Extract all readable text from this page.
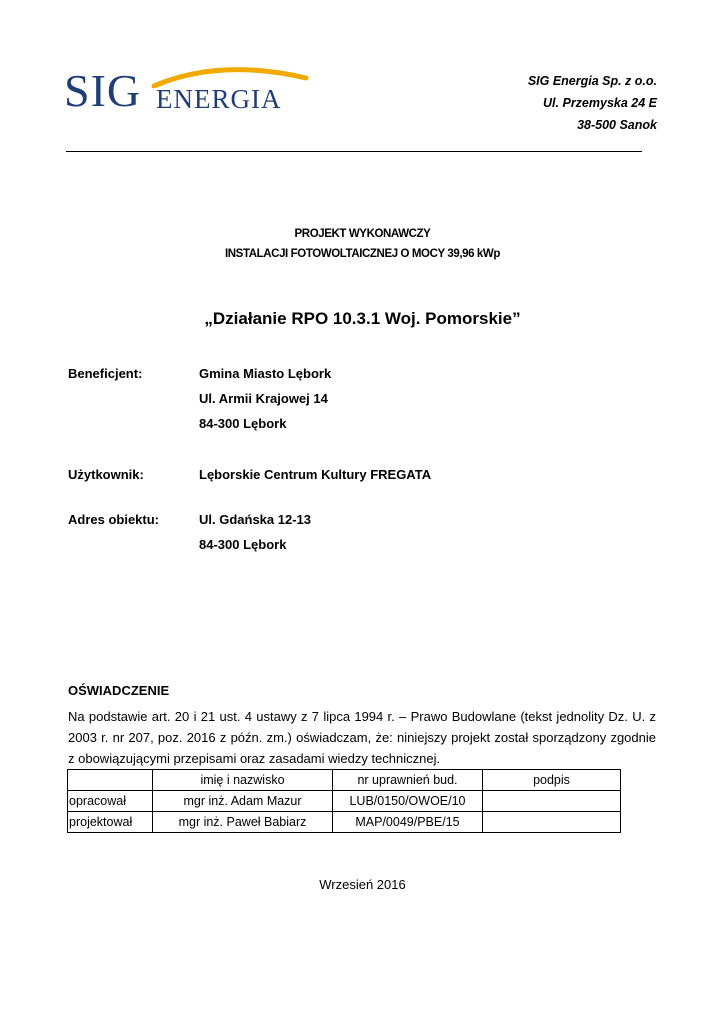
SIG ENERGIA
SIG Energia Sp. z o.o.
Ul. Przemyska 24 E
38-500 Sanok
PROJEKT WYKONAWCZY
INSTALACJI FOTOWOLTAICZNEJ O MOCY 39,96 kWp
„Działanie RPO 10.3.1 Woj. Pomorskie”
Beneficjent:	Gmina Miasto Lębork
Ul. Armii Krajowej 14
84-300 Lębork
Użytkownik:	Lęborskie Centrum Kultury FREGATA
Adres obiektu:	Ul. Gdańska 12-13
84-300 Lębork
OŚWIADCZENIE
Na podstawie art. 20 i 21 ust. 4 ustawy z 7 lipca 1994 r. – Prawo Budowlane (tekst jednolity Dz. U. z 2003 r. nr 207, poz. 2016 z późn. zm.) oświadczam, że: niniejszy projekt został sporządzony zgodnie z obowiązującymi przepisami oraz zasadami wiedzy technicznej.
	imię i nazwisko	nr uprawnień bud.	podpis
opracował	mgr inż. Adam Mazur	LUB/0150/OWOE/10	
projektował	mgr inż. Paweł Babiarz	MAP/0049/PBE/15	
Wrzesień 2016
